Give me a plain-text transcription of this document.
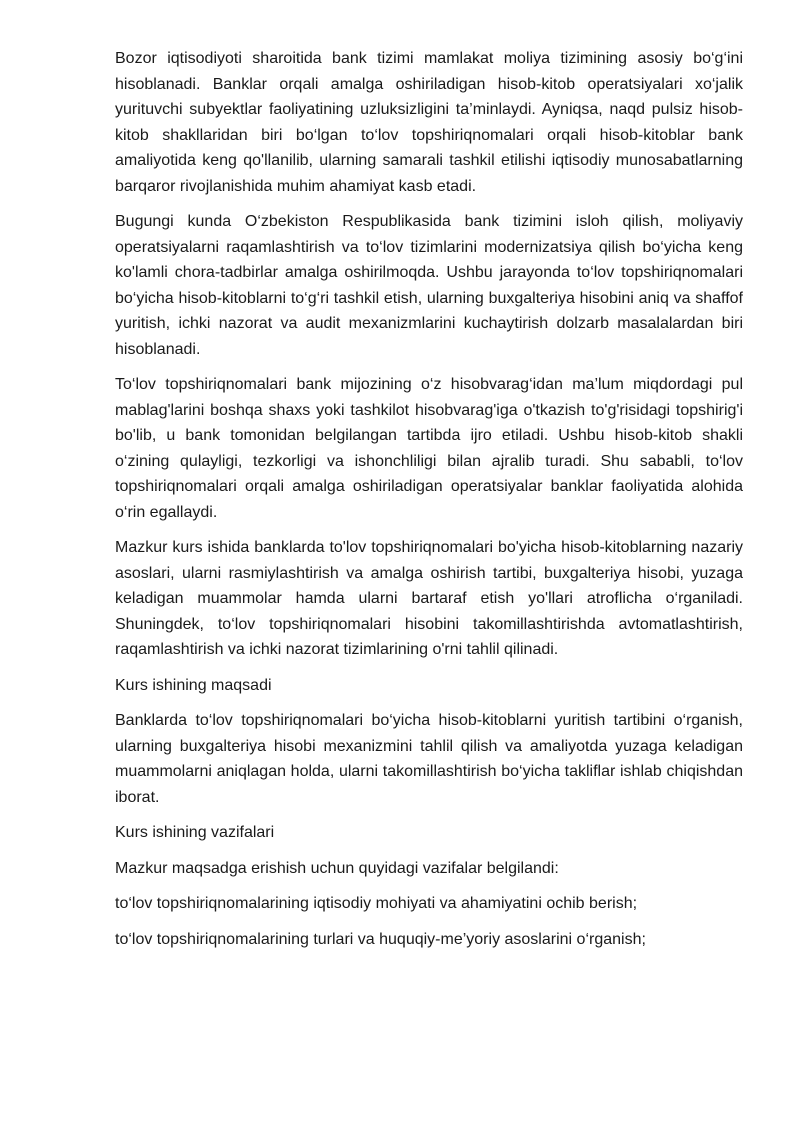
Bozor iqtisodiyoti sharoitida bank tizimi mamlakat moliya tizimining asosiy bo‘g‘ini hisoblanadi. Banklar orqali amalga oshiriladigan hisob-kitob operatsiyalari xo‘jalik yurituvchi subyektlar faoliyatining uzluksizligini ta’minlaydi. Ayniqsa, naqd pulsiz hisob-kitob shakllaridan biri bo‘lgan to‘lov topshiriqnomalari orqali hisob-kitoblar bank amaliyotida keng qo'llanilib, ularning samarali tashkil etilishi iqtisodiy munosabatlarning barqaror rivojlanishida muhim ahamiyat kasb etadi.

Bugungi kunda O‘zbekiston Respublikasida bank tizimini isloh qilish, moliyaviy operatsiyalarni raqamlashtirish va to‘lov tizimlarini modernizatsiya qilish bo‘yicha keng ko'lamli chora-tadbirlar amalga oshirilmoqda. Ushbu jarayonda to‘lov topshiriqnomalari bo‘yicha hisob-kitoblarni to‘g‘ri tashkil etish, ularning buxgalteriya hisobini aniq va shaffof yuritish, ichki nazorat va audit mexanizmlarini kuchaytirish dolzarb masalalardan biri hisoblanadi.

To‘lov topshiriqnomalari bank mijozining o‘z hisobvarag‘idan ma’lum miqdordagi pul mablag'larini boshqa shaxs yoki tashkilot hisobvarag'iga o'tkazish to'g'risidagi topshirig'i bo'lib, u bank tomonidan belgilangan tartibda ijro etiladi. Ushbu hisob-kitob shakli o‘zining qulayligi, tezkorligi va ishonchliligi bilan ajralib turadi. Shu sababli, to‘lov topshiriqnomalari orqali amalga oshiriladigan operatsiyalar banklar faoliyatida alohida o‘rin egallaydi.

Mazkur kurs ishida banklarda to'lov topshiriqnomalari bo'yicha hisob-kitoblarning nazariy asoslari, ularni rasmiylashtirish va amalga oshirish tartibi, buxgalteriya hisobi, yuzaga keladigan muammolar hamda ularni bartaraf etish yo'llari atroflicha o‘rganiladi. Shuningdek, to‘lov topshiriqnomalari hisobini takomillashtirishda avtomatlashtirish, raqamlashtirish va ichki nazorat tizimlarining o'rni tahlil qilinadi.

Kurs ishining maqsadi

Banklarda to‘lov topshiriqnomalari bo‘yicha hisob-kitoblarni yuritish tartibini o‘rganish, ularning buxgalteriya hisobi mexanizmini tahlil qilish va amaliyotda yuzaga keladigan muammolarni aniqlagan holda, ularni takomillashtirish bo‘yicha takliflar ishlab chiqishdan iborat.

Kurs ishining vazifalari

Mazkur maqsadga erishish uchun quyidagi vazifalar belgilandi:

to‘lov topshiriqnomalarining iqtisodiy mohiyati va ahamiyatini ochib berish;

to‘lov topshiriqnomalarining turlari va huquqiy-me’yoriy asoslarini o‘rganish;
